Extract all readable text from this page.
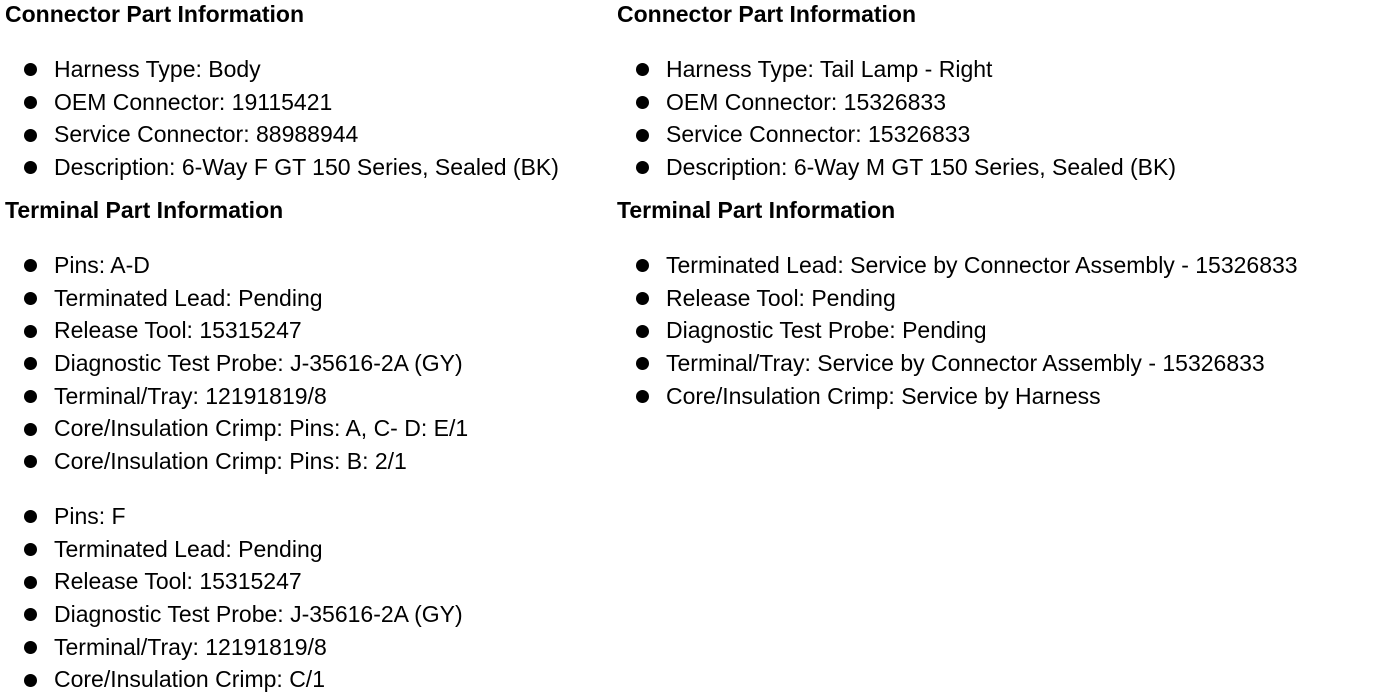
Connector Part Information
Harness Type: Body
OEM Connector: 19115421
Service Connector: 88988944
Description: 6-Way F GT 150 Series, Sealed (BK)
Terminal Part Information
Pins: A-D
Terminated Lead: Pending
Release Tool: 15315247
Diagnostic Test Probe: J-35616-2A (GY)
Terminal/Tray: 12191819/8
Core/Insulation Crimp: Pins: A, C- D: E/1
Core/Insulation Crimp: Pins: B: 2/1
Pins: F
Terminated Lead: Pending
Release Tool: 15315247
Diagnostic Test Probe: J-35616-2A (GY)
Terminal/Tray: 12191819/8
Core/Insulation Crimp: C/1
Connector Part Information
Harness Type: Tail Lamp - Right
OEM Connector: 15326833
Service Connector: 15326833
Description: 6-Way M GT 150 Series, Sealed (BK)
Terminal Part Information
Terminated Lead: Service by Connector Assembly - 15326833
Release Tool: Pending
Diagnostic Test Probe: Pending
Terminal/Tray: Service by Connector Assembly - 15326833
Core/Insulation Crimp: Service by Harness
